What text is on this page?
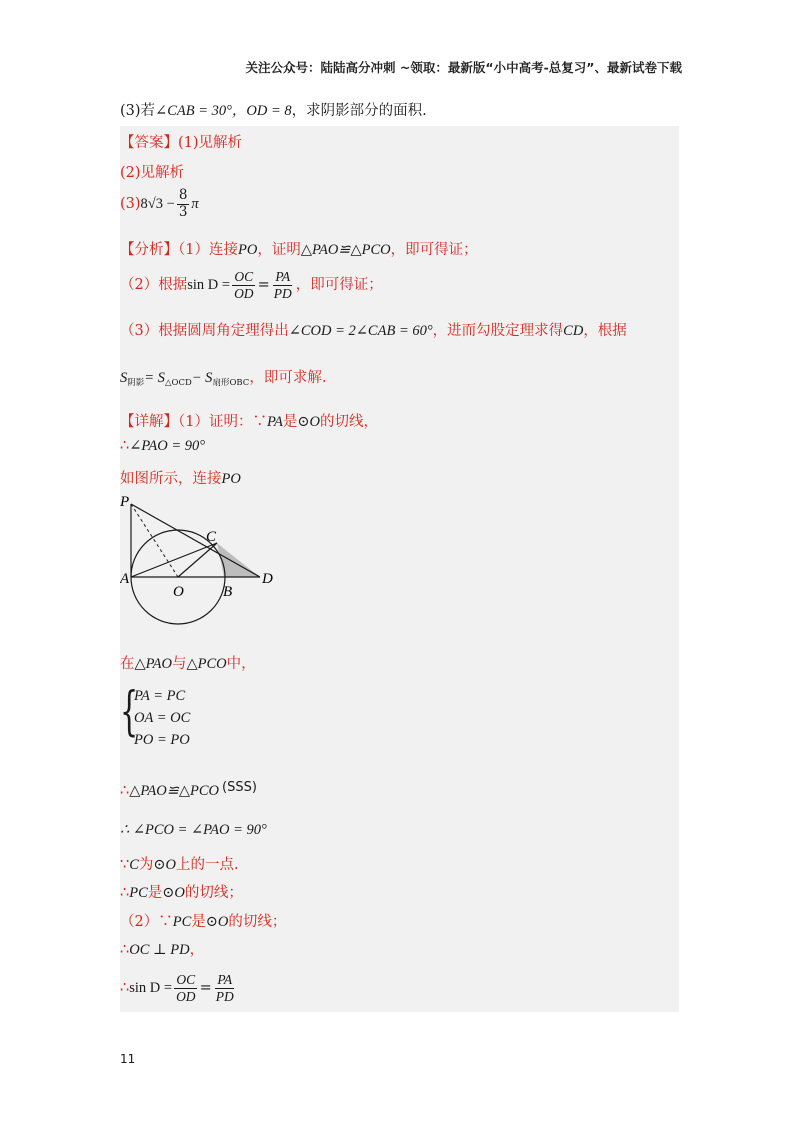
关注公众号：陆陆高分冲刺 ~领取：最新版“小中高考-总复习”、最新试卷下载
(3)若∠CAB = 30°，OD = 8，求阴影部分的面积.
【答案】(1)见解析
(2)见解析
$(3)8√3 - \frac{8}{3}$ π
【分析】（1）连接PO，证明△PAO≌△PCO，即可得证；
（2）根据$\sin D = \frac{OC}{OD} = \frac{PA}{PD}$ ，即可得证；
（3）根据圆周角定理得出∠COD = 2∠CAB = 60°，进而勾股定理求得CD，根据
$S_{阴影}= S_{\triangle OCD}- S_{扇形OBC}$，即可求解.
【详解】（1）证明：∵PA是⊙O的切线，
∴∠PAO = 90°
如图所示，连接PO
P
C
A
O	B
D
在△PAO与△PCO中，
{
PA = PC
OA = OC
PO = PO
∴△PAO≌△PCO (SSS)
∴ ∠PCO = ∠PAO = 90°
∵C为⊙O上的一点.
∴PC是⊙O的切线；
（2）∵PC是⊙O的切线；
∴OC ⊥ PD，
∴sin $D = \frac{OC}{OD} = \frac{PA}{PD}$
11
